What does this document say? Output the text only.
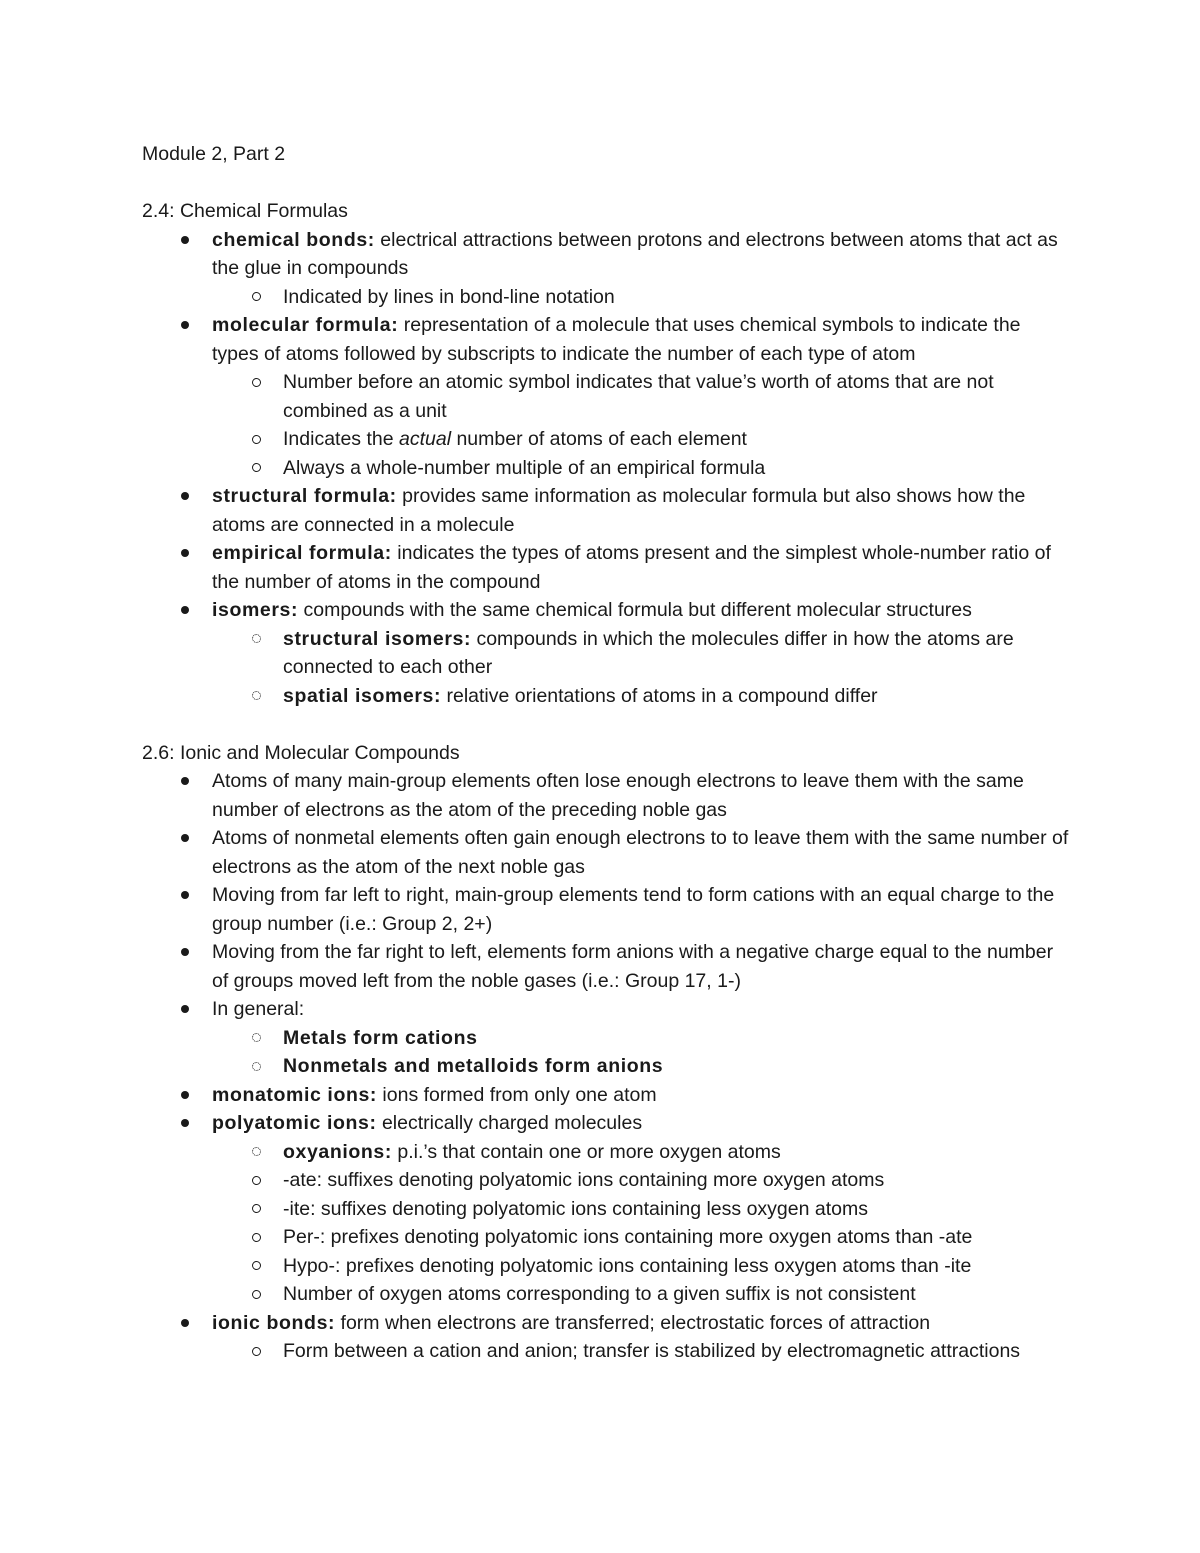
Module 2, Part 2

2.4: Chemical Formulas

chemical bonds: electrical attractions between protons and electrons between atoms that act as the glue in compounds
Indicated by lines in bond-line notation
molecular formula: representation of a molecule that uses chemical symbols to indicate the types of atoms followed by subscripts to indicate the number of each type of atom
Number before an atomic symbol indicates that value’s worth of atoms that are not combined as a unit
Indicates the actual number of atoms of each element
Always a whole-number multiple of an empirical formula
structural formula: provides same information as molecular formula but also shows how the atoms are connected in a molecule
empirical formula: indicates the types of atoms present and the simplest whole-number ratio of the number of atoms in the compound
isomers: compounds with the same chemical formula but different molecular structures
structural isomers: compounds in which the molecules differ in how the atoms are connected to each other
spatial isomers: relative orientations of atoms in a compound differ

2.6: Ionic and Molecular Compounds

Atoms of many main-group elements often lose enough electrons to leave them with the same number of electrons as the atom of the preceding noble gas
Atoms of nonmetal elements often gain enough electrons to to leave them with the same number of electrons as the atom of the next noble gas
Moving from far left to right, main-group elements tend to form cations with an equal charge to the group number (i.e.: Group 2, 2+)
Moving from the far right to left, elements form anions with a negative charge equal to the number of groups moved left from the noble gases (i.e.: Group 17, 1-)
In general:
Metals form cations
Nonmetals and metalloids form anions
monatomic ions: ions formed from only one atom
polyatomic ions: electrically charged molecules
oxyanions: p.i.’s that contain one or more oxygen atoms
-ate: suffixes denoting polyatomic ions containing more oxygen atoms
-ite: suffixes denoting polyatomic ions containing less oxygen atoms
Per-: prefixes denoting polyatomic ions containing more oxygen atoms than -ate
Hypo-: prefixes denoting polyatomic ions containing less oxygen atoms than -ite
Number of oxygen atoms corresponding to a given suffix is not consistent
ionic bonds: form when electrons are transferred; electrostatic forces of attraction
Form between a cation and anion; transfer is stabilized by electromagnetic attractions
